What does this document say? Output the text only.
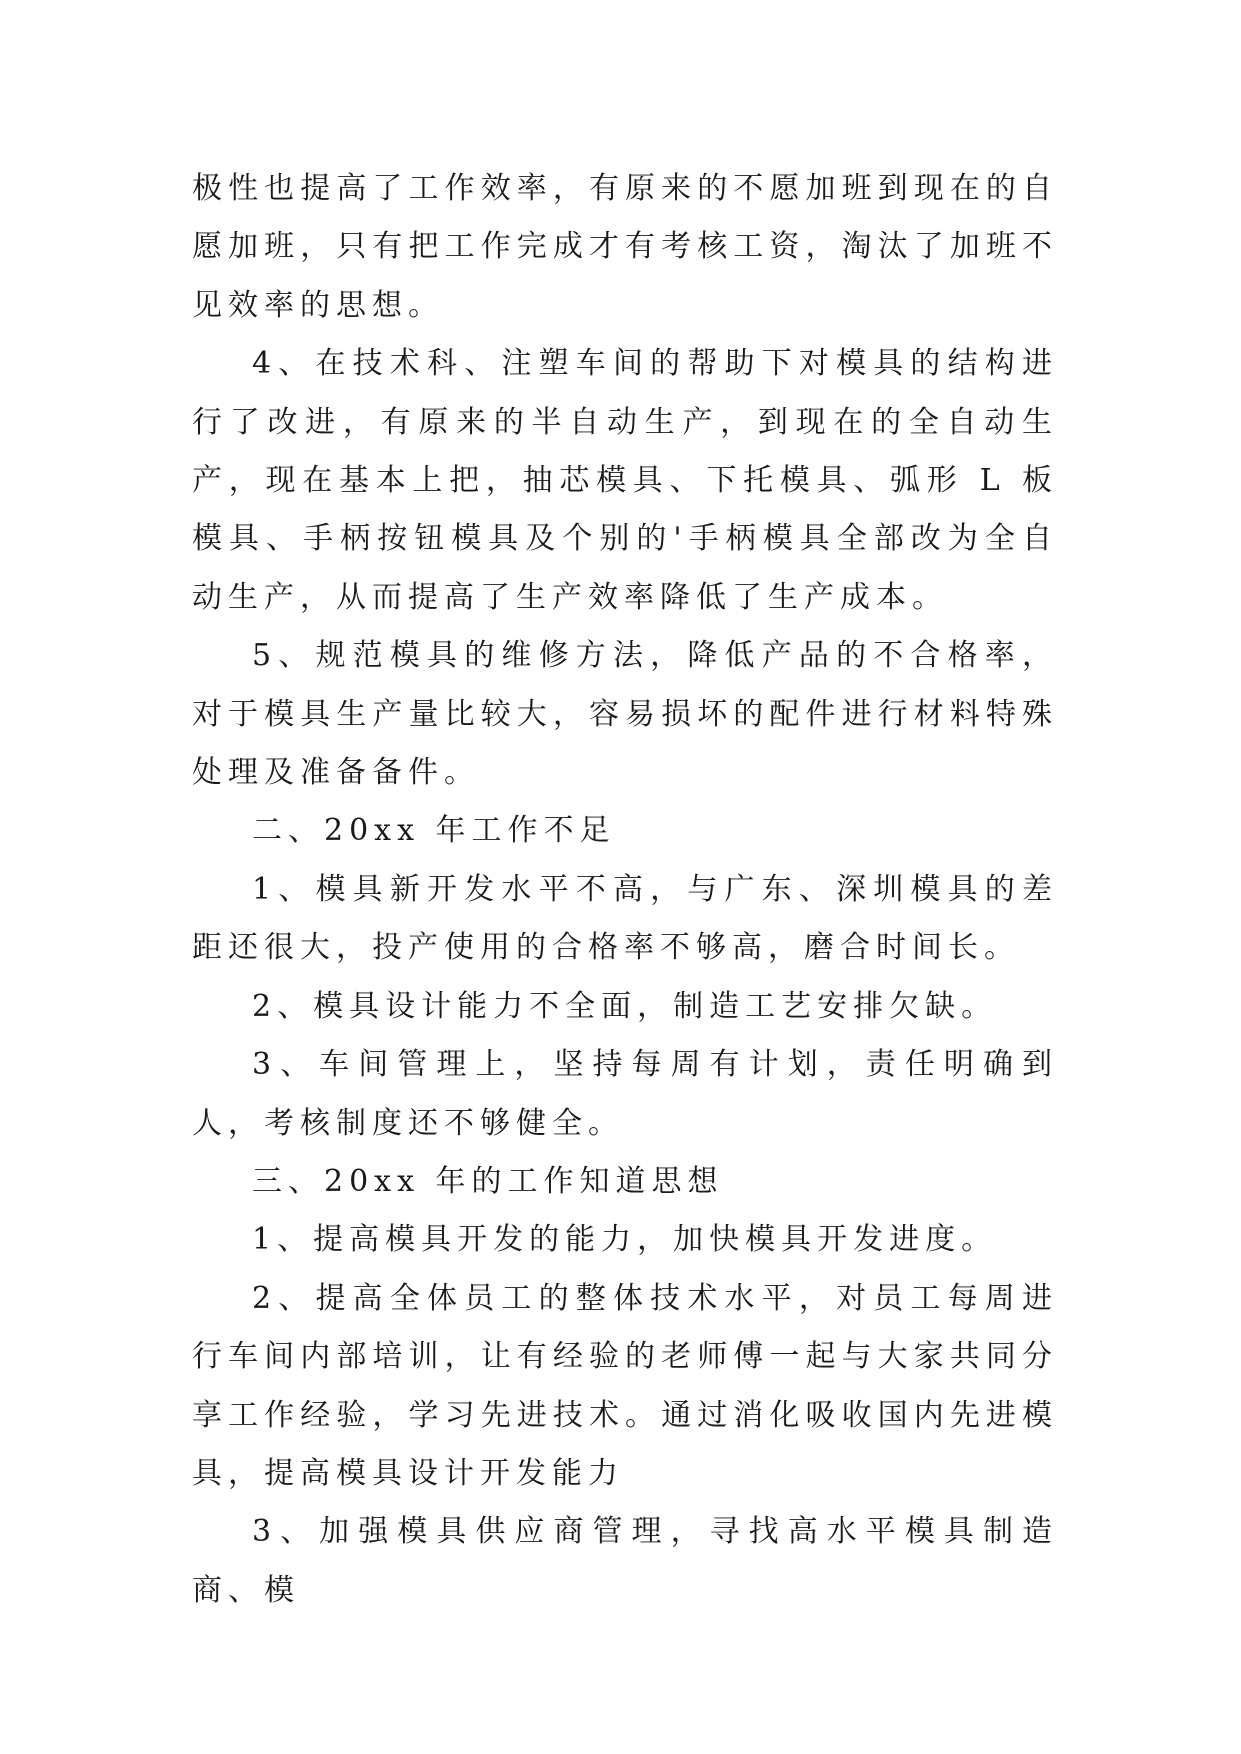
极性也提高了工作效率，有原来的不愿加班到现在的自愿加班，只有把工作完成才有考核工资，淘汰了加班不见效率的思想。

4、在技术科、注塑车间的帮助下对模具的结构进行了改进，有原来的半自动生产，到现在的全自动生产，现在基本上把，抽芯模具、下托模具、弧形 L 板模具、手柄按钮模具及个别的'手柄模具全部改为全自动生产，从而提高了生产效率降低了生产成本。

5、规范模具的维修方法，降低产品的不合格率，对于模具生产量比较大，容易损坏的配件进行材料特殊处理及准备备件。

二、20xx 年工作不足

1、模具新开发水平不高，与广东、深圳模具的差距还很大，投产使用的合格率不够高，磨合时间长。

2、模具设计能力不全面，制造工艺安排欠缺。

3、车间管理上，坚持每周有计划，责任明确到人，考核制度还不够健全。

三、20xx 年的工作知道思想

1、提高模具开发的能力，加快模具开发进度。

2、提高全体员工的整体技术水平，对员工每周进行车间内部培训，让有经验的老师傅一起与大家共同分享工作经验，学习先进技术。通过消化吸收国内先进模具，提高模具设计开发能力

3、加强模具供应商管理，寻找高水平模具制造商、模
